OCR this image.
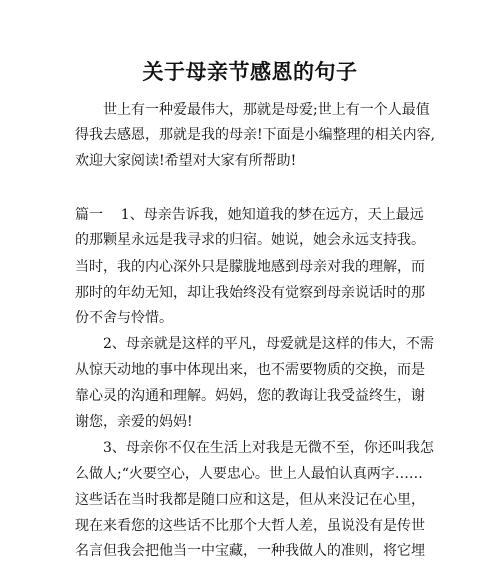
关于母亲节感恩的句子

世上有一种爱最伟大，那就是母爱;世上有一个人最值

得我去感恩，那就是我的母亲!下面是小编整理的相关内容,

欢迎大家阅读!希望对大家有所帮助!

篇一    1、母亲告诉我，她知道我的梦在远方，天上最远

的那颗星永远是我寻求的归宿。她说，她会永远支持我。

当时，我的内心深外只是朦胧地感到母亲对我的理解，而

那时的年幼无知，却让我始终没有觉察到母亲说话时的那

份不舍与怜惜。

2、母亲就是这样的平凡，母爱就是这样的伟大，不需

从惊天动地的事中体现出来，也不需要物质的交换，而是

靠心灵的沟通和理解。妈妈，您的教诲让我受益终生，谢

谢您，亲爱的妈妈!

3、母亲你不仅在生活上对我是无微不至，你还叫我怎

么做人;“火要空心，人要忠心。世上人最怕认真两字……

这些话在当时我都是随口应和这是，但从来没记在心里，

现在来看您的这些话不比那个大哲人差，虽说没有是传世

名言但我会把他当一中宝藏，一种我做人的准则，将它埋
